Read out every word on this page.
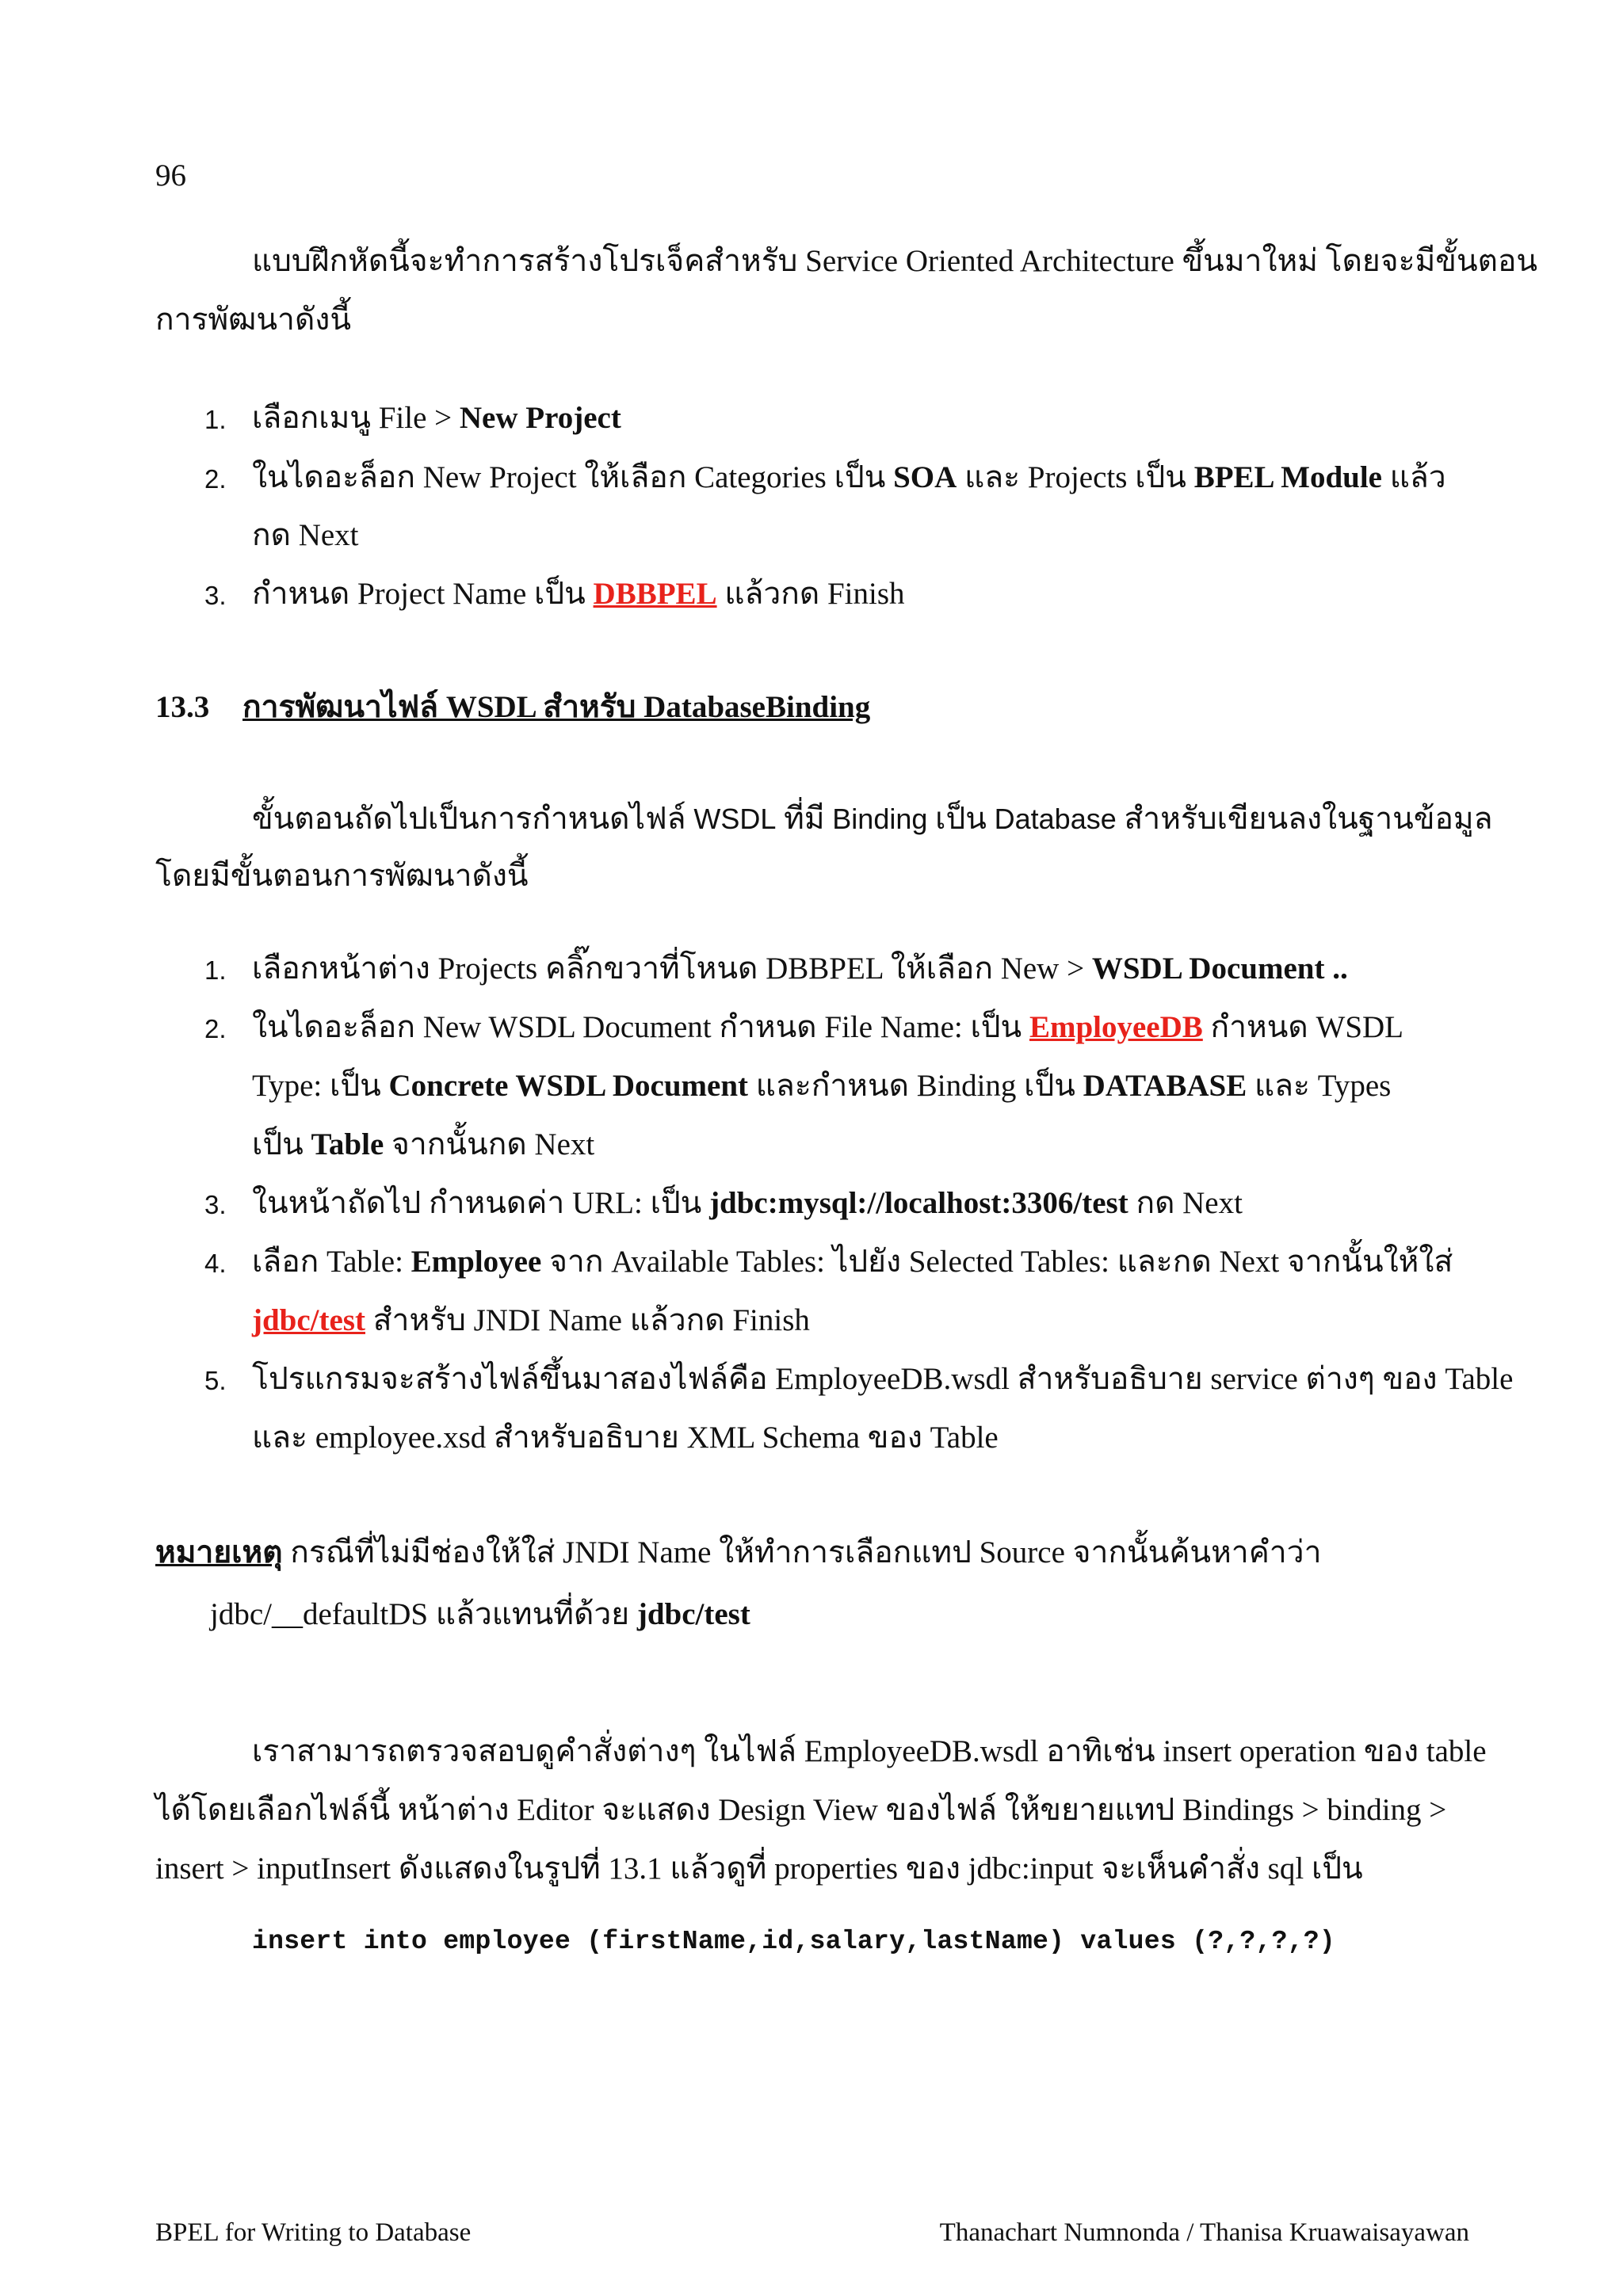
96
แบบฝึกหัดนี้จะทำการสร้างโปรเจ็คสำหรับ Service Oriented Architecture ขึ้นมาใหม่ โดยจะมีขั้นตอน
การพัฒนาดังนี้
1. เลือกเมนู File > New Project
2. ในไดอะล็อก New Project ให้เลือก Categories เป็น SOA และ Projects เป็น BPEL Module แล้ว
กด Next
3. กำหนด Project Name เป็น DBBPEL แล้วกด Finish
13.3 การพัฒนาไฟล์ WSDL สำหรับ DatabaseBinding
ขั้นตอนถัดไปเป็นการกำหนดไฟล์ WSDL ที่มี Binding เป็น Database สำหรับเขียนลงในฐานข้อมูล
โดยมีขั้นตอนการพัฒนาดังนี้
1. เลือกหน้าต่าง Projects คลิ๊กขวาที่โหนด DBBPEL ให้เลือก New > WSDL Document ..
2. ในไดอะล็อก New WSDL Document กำหนด File Name: เป็น EmployeeDB กำหนด WSDL
Type: เป็น Concrete WSDL Document และกำหนด Binding เป็น DATABASE และ Types
เป็น Table จากนั้นกด Next
3. ในหน้าถัดไป กำหนดค่า URL: เป็น jdbc:mysql://localhost:3306/test กด Next
4. เลือก Table: Employee จาก Available Tables: ไปยัง Selected Tables: และกด Next จากนั้นให้ใส่
jdbc/test สำหรับ JNDI Name แล้วกด Finish
5. โปรแกรมจะสร้างไฟล์ขึ้นมาสองไฟล์คือ EmployeeDB.wsdl สำหรับอธิบาย service ต่างๆ ของ Table
และ employee.xsd สำหรับอธิบาย XML Schema ของ Table
หมายเหตุ กรณีที่ไม่มีช่องให้ใส่ JNDI Name ให้ทำการเลือกแทป Source จากนั้นค้นหาคำว่า
jdbc/__defaultDS แล้วแทนที่ด้วย jdbc/test
เราสามารถตรวจสอบดูคำสั่งต่างๆ ในไฟล์ EmployeeDB.wsdl อาทิเช่น insert operation ของ table
ได้โดยเลือกไฟล์นี้ หน้าต่าง Editor จะแสดง Design View ของไฟล์ ให้ขยายแทป Bindings > binding >
insert > inputInsert ดังแสดงในรูปที่ 13.1 แล้วดูที่ properties ของ jdbc:input จะเห็นคำสั่ง sql เป็น
insert into employee (firstName,id,salary,lastName) values (?,?,?,?)
BPEL for Writing to Database	Thanachart Numnonda / Thanisa Kruawaisayawan
